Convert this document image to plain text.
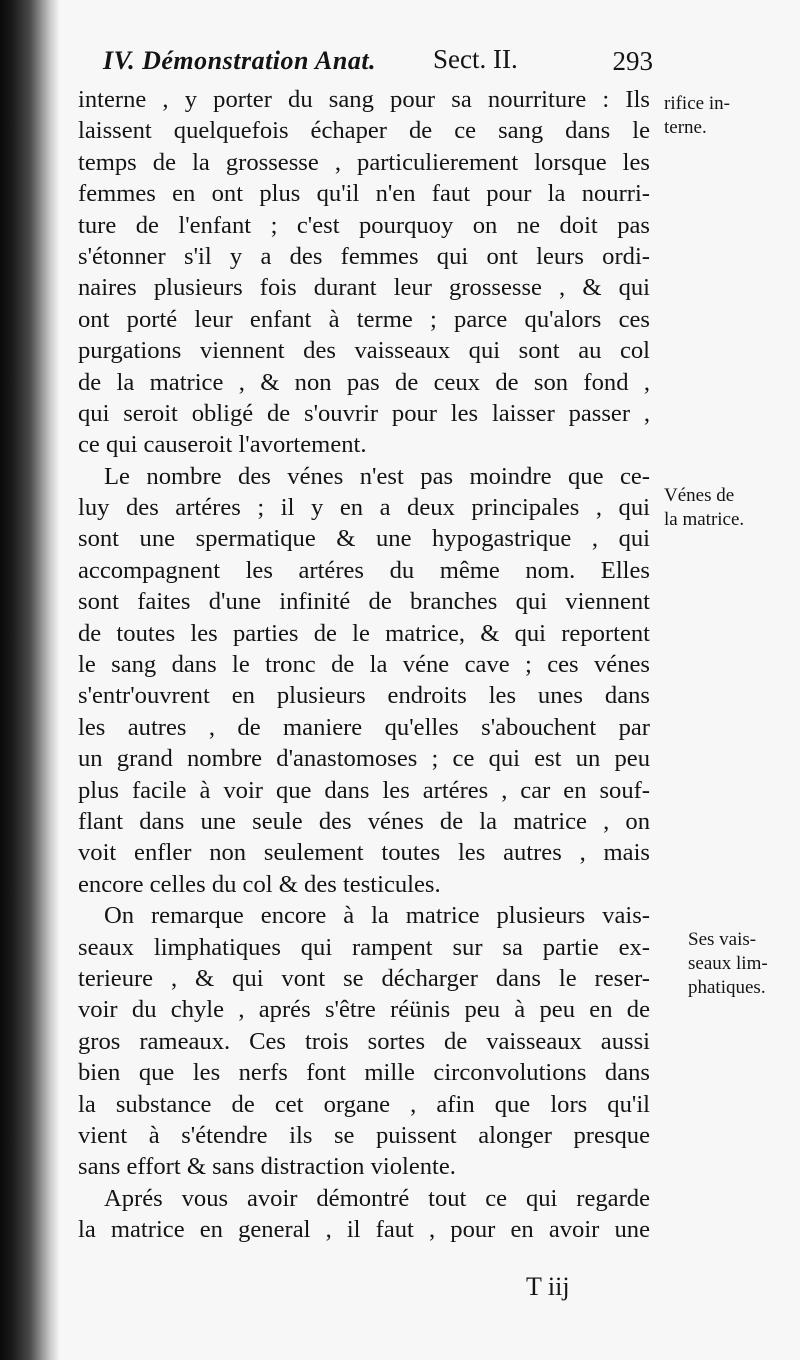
IV. Démonstration Anat. Sect. II.	293
interne , y porter du sang pour sa nourriture : Ils
laissent quelquefois échaper de ce sang dans le
temps de la grossesse , particulierement lorsque les
femmes en ont plus qu'il n'en faut pour la nourri-
ture de l'enfant ; c'est pourquoy on ne doit pas
s'étonner s'il y a des femmes qui ont leurs ordi-
naires plusieurs fois durant leur grossesse , & qui
ont porté leur enfant à terme ; parce qu'alors ces
purgations viennent des vaisseaux qui sont au col
de la matrice , & non pas de ceux de son fond ,
qui seroit obligé de s'ouvrir pour les laisser passer ,
ce qui causeroit l'avortement.
Le nombre des vénes n'est pas moindre que ce-
luy des artéres ; il y en a deux principales , qui
sont une spermatique & une hypogastrique , qui
accompagnent les artéres du même nom. Elles
sont faites d'une infinité de branches qui viennent
de toutes les parties de le matrice, & qui reportent
le sang dans le tronc de la véne cave ; ces vénes
s'entr'ouvrent en plusieurs endroits les unes dans
les autres , de maniere qu'elles s'abouchent par
un grand nombre d'anastomoses ; ce qui est un peu
plus facile à voir que dans les artéres , car en souf-
flant dans une seule des vénes de la matrice , on
voit enfler non seulement toutes les autres , mais
encore celles du col & des testicules.
On remarque encore à la matrice plusieurs vais-
seaux limphatiques qui rampent sur sa partie ex-
terieure , & qui vont se décharger dans le reser-
voir du chyle , aprés s'être réünis peu à peu en de
gros rameaux. Ces trois sortes de vaisseaux aussi
bien que les nerfs font mille circonvolutions dans
la substance de cet organe , afin que lors qu'il
vient à s'étendre ils se puissent alonger presque
sans effort & sans distraction violente.
Aprés vous avoir démontré tout ce qui regarde
la matrice en general , il faut , pour en avoir une
rifice in-
terne.
Vénes de
la matrice.
Ses vais-
seaux lim-
phatiques.
T iij
